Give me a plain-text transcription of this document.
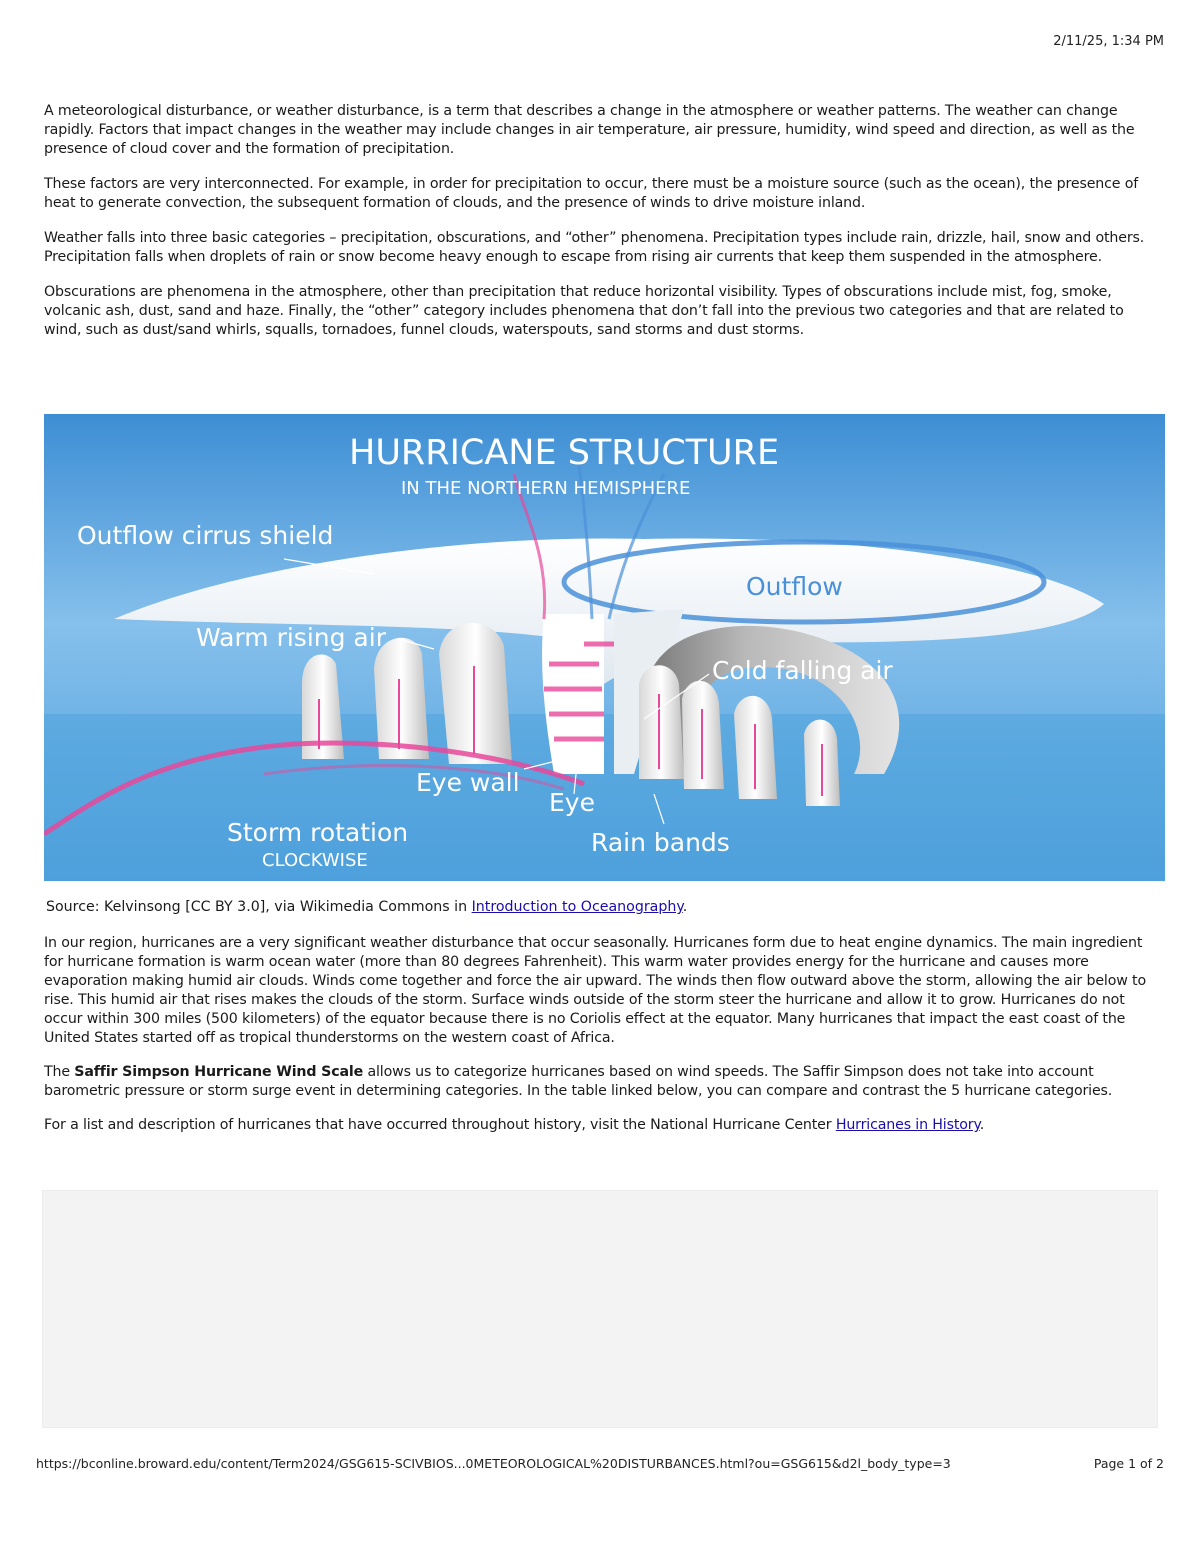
2/11/25, 1:34 PM

A meteorological disturbance, or weather disturbance, is a term that describes a change in the atmosphere or weather patterns. The weather can change rapidly. Factors that impact changes in the weather may include changes in air temperature, air pressure, humidity, wind speed and direction, as well as the presence of cloud cover and the formation of precipitation.

These factors are very interconnected. For example, in order for precipitation to occur, there must be a moisture source (such as the ocean), the presence of heat to generate convection, the subsequent formation of clouds, and the presence of winds to drive moisture inland.

Weather falls into three basic categories – precipitation, obscurations, and “other” phenomena. Precipitation types include rain, drizzle, hail, snow and others. Precipitation falls when droplets of rain or snow become heavy enough to escape from rising air currents that keep them suspended in the atmosphere.

Obscurations are phenomena in the atmosphere, other than precipitation that reduce horizontal visibility. Types of obscurations include mist, fog, smoke, volcanic ash, dust, sand and haze. Finally, the “other” category includes phenomena that don’t fall into the previous two categories and that are related to wind, such as dust/sand whirls, squalls, tornadoes, funnel clouds, waterspouts, sand storms and dust storms.

HURRICANE STRUCTURE
IN THE NORTHERN HEMISPHERE
Outflow cirrus shield
Outflow
Warm rising air
Cold falling air
Eye wall
Eye
Rain bands
Storm rotation
CLOCKWISE
Source: Kelvinsong [CC BY 3.0], via Wikimedia Commons in Introduction to Oceanography.

In our region, hurricanes are a very significant weather disturbance that occur seasonally. Hurricanes form due to heat engine dynamics. The main ingredient for hurricane formation is warm ocean water (more than 80 degrees Fahrenheit). This warm water provides energy for the hurricane and causes more evaporation making humid air clouds. Winds come together and force the air upward. The winds then flow outward above the storm, allowing the air below to rise. This humid air that rises makes the clouds of the storm. Surface winds outside of the storm steer the hurricane and allow it to grow. Hurricanes do not occur within 300 miles (500 kilometers) of the equator because there is no Coriolis effect at the equator. Many hurricanes that impact the east coast of the United States started off as tropical thunderstorms on the western coast of Africa.

The Saffir Simpson Hurricane Wind Scale allows us to categorize hurricanes based on wind speeds. The Saffir Simpson does not take into account barometric pressure or storm surge event in determining categories. In the table linked below, you can compare and contrast the 5 hurricane categories.

For a list and description of hurricanes that have occurred throughout history, visit the National Hurricane Center Hurricanes in History.

https://bconline.broward.edu/content/Term2024/GSG615-SCIVBIOS...0METEOROLOGICAL%20DISTURBANCES.html?ou=GSG615&d2l_body_type=3	Page 1 of 2
